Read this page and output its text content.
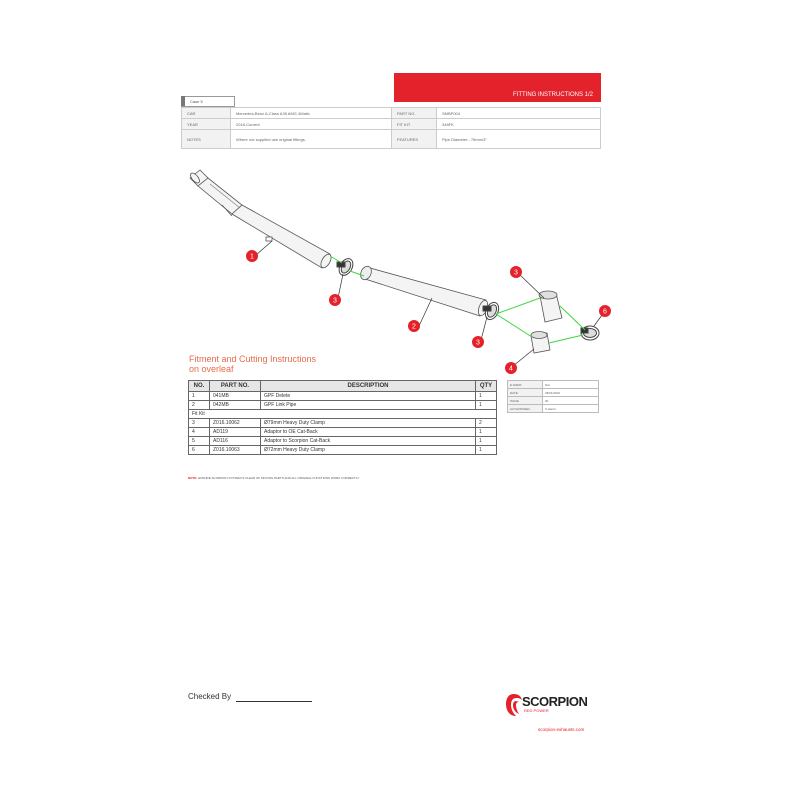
FITTING INSTRUCTIONS 1/2
Case 5
CAR	Mercedes-Benz A-Class A35 AMG 4Matic	PART NO.	SMBP004
YEAR	2018-Current	FIT KIT	348FK
NOTES	Where not supplied use original fittings.	FEATURES	Pipe Diameter:- 76mm/3"
1
2
3
3
3
4
6
Fitment and Cutting Instructions
on overleaf
NO.	PART NO.	DESCRIPTION	QTY
1	041MB	GPF Delete	1
2	042MB	GPF Link Pipe	1
Fit Kit			
3	Z016.10062	Ø79mm Heavy Duty Clamp	2
4	AD119	Adaptor to OE Cat-Back	1
5	AD116	Adaptor to Scorpion Cat-Back	1
6	Z016.10063	Ø72mm Heavy Duty Clamp	1
NOTE: ENSURE SCORPION SYSTEM IS CLEAR OF MOVING PARTS AND ALL ORIGINAL FUNCTIONS WORK CORRECTLY
E-MARK	N/A
DATE	28/01/2020
ISSUE	00
AUTHORISED	S.Harris
Checked By	SCORPION
RED POWER
scorpion-exhausts.com
